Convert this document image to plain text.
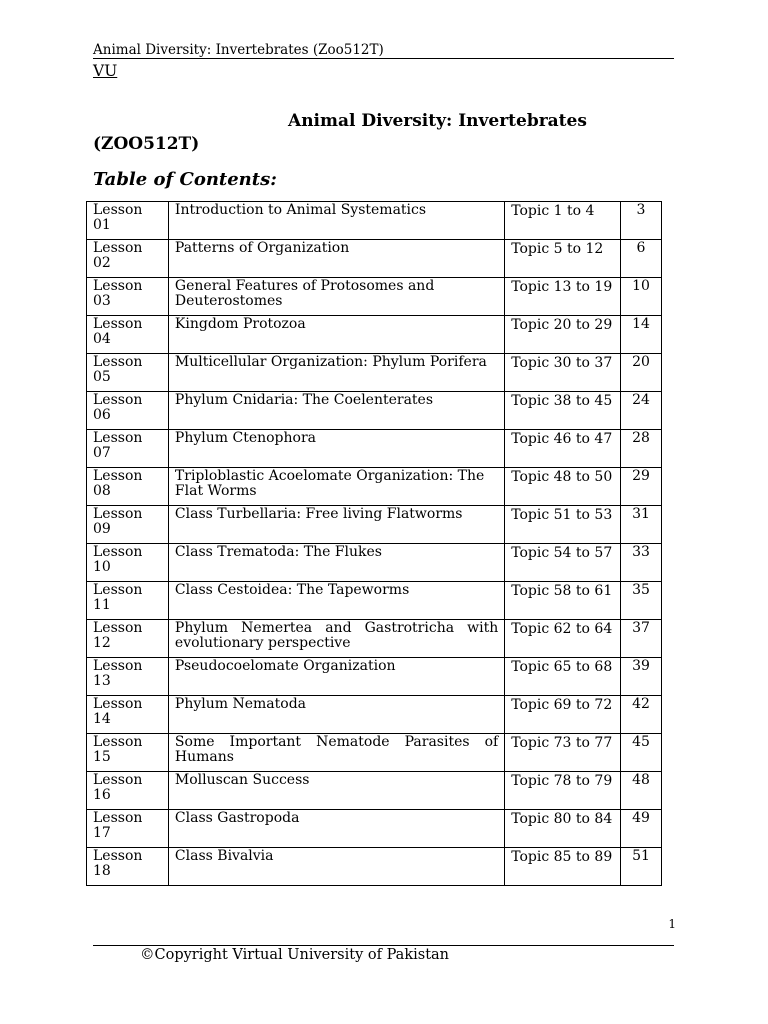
Animal Diversity: Invertebrates (Zoo512T)
VU
Animal Diversity: Invertebrates
(ZOO512T)
Table of Contents:
Lesson 01	Introduction to Animal Systematics	Topic 1 to 4	3
Lesson 02	Patterns of Organization	Topic 5 to 12	6
Lesson 03	General Features of Protosomes and Deuterostomes	Topic 13 to 19	10
Lesson 04	Kingdom Protozoa	Topic 20 to 29	14
Lesson 05	Multicellular Organization: Phylum Porifera	Topic 30 to 37	20
Lesson 06	Phylum Cnidaria: The Coelenterates	Topic 38 to 45	24
Lesson 07	Phylum Ctenophora	Topic 46 to 47	28
Lesson 08	Triploblastic Acoelomate Organization: The Flat Worms	Topic 48 to 50	29
Lesson 09	Class Turbellaria: Free living Flatworms	Topic 51 to 53	31
Lesson 10	Class Trematoda: The Flukes	Topic 54 to 57	33
Lesson 11	Class Cestoidea: The Tapeworms	Topic 58 to 61	35
Lesson 12	Phylum Nemertea and Gastrotricha with evolutionary perspective	Topic 62 to 64	37
Lesson 13	Pseudocoelomate Organization	Topic 65 to 68	39
Lesson 14	Phylum Nematoda	Topic 69 to 72	42
Lesson 15	Some Important Nematode Parasites of Humans	Topic 73 to 77	45
Lesson 16	Molluscan Success	Topic 78 to 79	48
Lesson 17	Class Gastropoda	Topic 80 to 84	49
Lesson 18	Class Bivalvia	Topic 85 to 89	51
1
©Copyright Virtual University of Pakistan
